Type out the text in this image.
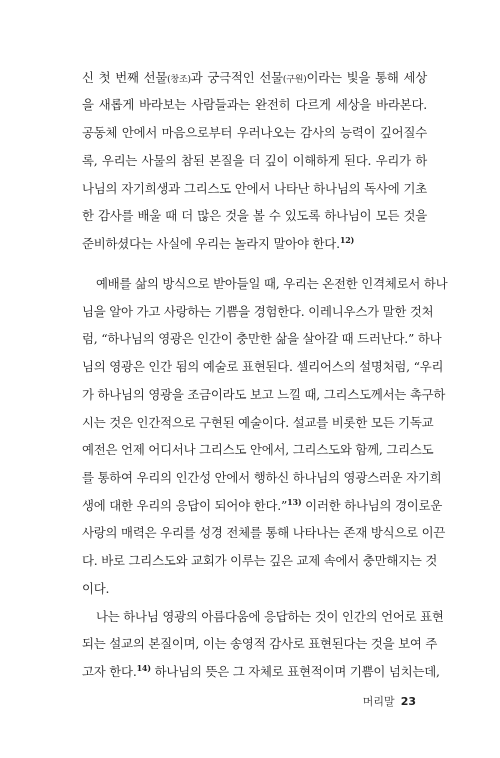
신 첫 번째 선물(창조)과 궁극적인 선물(구원)이라는 빛을 통해 세상
을 새롭게 바라보는 사람들과는 완전히 다르게 세상을 바라본다.
공동체 안에서 마음으로부터 우러나오는 감사의 능력이 깊어질수
록, 우리는 사물의 참된 본질을 더 깊이 이해하게 된다. 우리가 하
나님의 자기희생과 그리스도 안에서 나타난 하나님의 독사에 기초
한 감사를 배울 때 더 많은 것을 볼 수 있도록 하나님이 모든 것을
준비하셨다는 사실에 우리는 놀라지 말아야 한다.$^{12)}$
예배를 삶의 방식으로 받아들일 때, 우리는 온전한 인격체로서 하나
님을 알아 가고 사랑하는 기쁨을 경험한다. 이레니우스가 말한 것처
럼, “하나님의 영광은 인간이 충만한 삶을 살아갈 때 드러난다.” 하나
님의 영광은 인간 됨의 예술로 표현된다. 셀리어스의 설명처럼, “우리
가 하나님의 영광을 조금이라도 보고 느낄 때, 그리스도께서는 촉구하
시는 것은 인간적으로 구현된 예술이다. 설교를 비롯한 모든 기독교
예전은 언제 어디서나 그리스도 안에서, 그리스도와 함께, 그리스도
를 통하여 우리의 인간성 안에서 행하신 하나님의 영광스러운 자기희
생에 대한 우리의 응답이 되어야 한다.”$^{13)}$ 이러한 하나님의 경이로운
사랑의 매력은 우리를 성경 전체를 통해 나타나는 존재 방식으로 이끈
다. 바로 그리스도와 교회가 이루는 깊은 교제 속에서 충만해지는 것
이다.
나는 하나님 영광의 아름다움에 응답하는 것이 인간의 언어로 표현
되는 설교의 본질이며, 이는 송영적 감사로 표현된다는 것을 보여 주
고자 한다.$^{14)}$ 하나님의 뜻은 그 자체로 표현적이며 기쁨이 넘치는데,
머리말 23
